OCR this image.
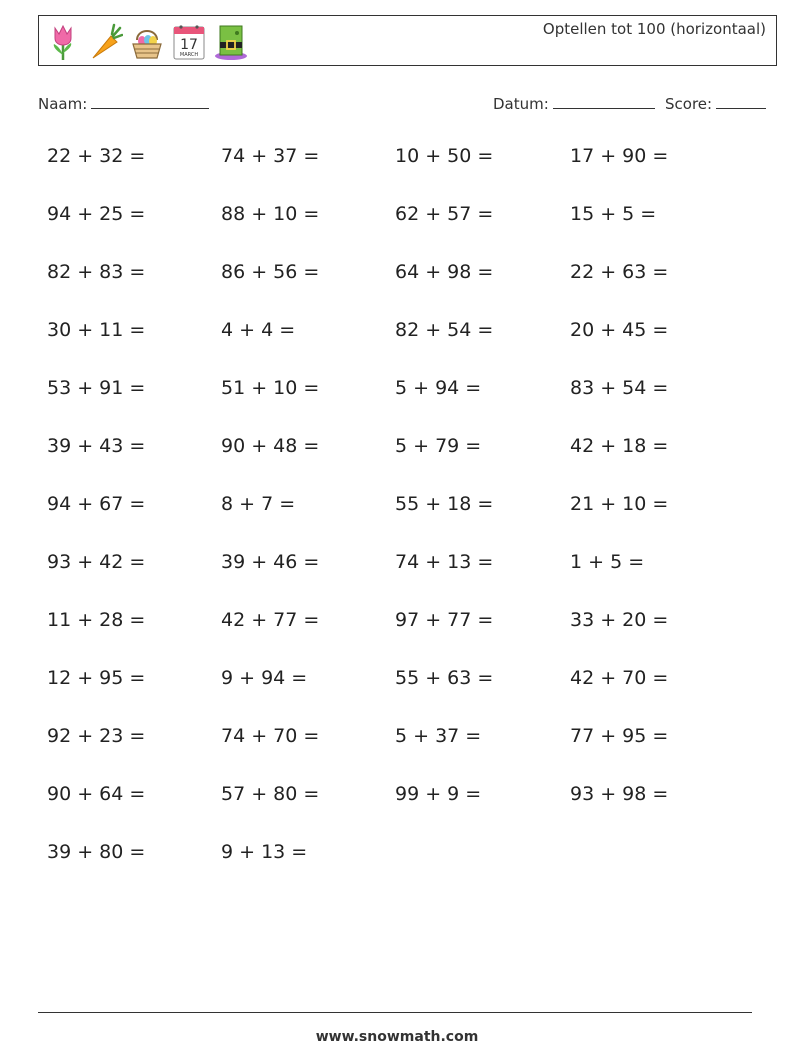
17
MARCH
Optellen tot 100 (horizontaal)
Naam:	Datum:	Score:
22 + 32 =	74 + 37 =	10 + 50 =	17 + 90 =
94 + 25 =	88 + 10 =	62 + 57 =	15 + 5 =
82 + 83 =	86 + 56 =	64 + 98 =	22 + 63 =
30 + 11 =	4 + 4 =	82 + 54 =	20 + 45 =
53 + 91 =	51 + 10 =	5 + 94 =	83 + 54 =
39 + 43 =	90 + 48 =	5 + 79 =	42 + 18 =
94 + 67 =	8 + 7 =	55 + 18 =	21 + 10 =
93 + 42 =	39 + 46 =	74 + 13 =	1 + 5 =
11 + 28 =	42 + 77 =	97 + 77 =	33 + 20 =
12 + 95 =	9 + 94 =	55 + 63 =	42 + 70 =
92 + 23 =	74 + 70 =	5 + 37 =	77 + 95 =
90 + 64 =	57 + 80 =	99 + 9 =	93 + 98 =
39 + 80 =	9 + 13 =
www.snowmath.com
